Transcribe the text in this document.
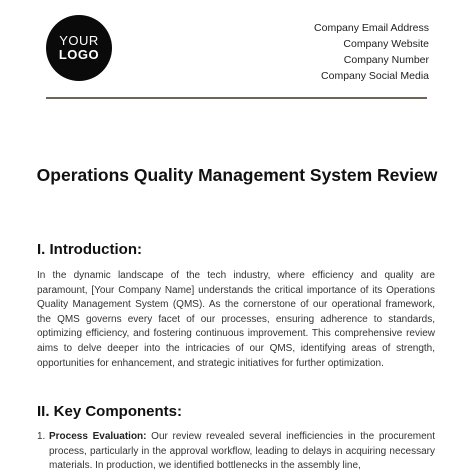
YOUR
LOGO
Company Email Address
Company Website
Company Number
Company Social Media
Operations Quality Management System Review
I. Introduction:
In the dynamic landscape of the tech industry, where efficiency and quality are paramount, [Your Company Name] understands the critical importance of its Operations Quality Management System (QMS). As the cornerstone of our operational framework, the QMS governs every facet of our processes, ensuring adherence to standards, optimizing efficiency, and fostering continuous improvement. This comprehensive review aims to delve deeper into the intricacies of our QMS, identifying areas of strength, opportunities for enhancement, and strategic initiatives for further optimization.
II. Key Components:
1. Process Evaluation: Our review revealed several inefficiencies in the procurement process, particularly in the approval workflow, leading to delays in acquiring necessary materials. In production, we identified bottlenecks in the assembly line,
